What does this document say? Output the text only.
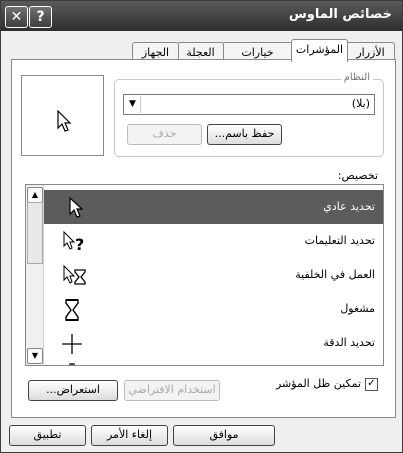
✕	?	خصائص الماوس
الأزرار
المؤشرات
خيارات
العجلة
الجهاز
النظام
▼	(بلا)
حفظ باسم...
حذف
تخصيص:
▲
▼
تحديد عادي
?	تحديد التعليمات
العمل في الخلفية
مشغول
تحديد الدقة
✓تمكين ظل المؤشر
استخدام الافتراضي
استعراض...
موافق
إلغاء الأمر
تطبيق
